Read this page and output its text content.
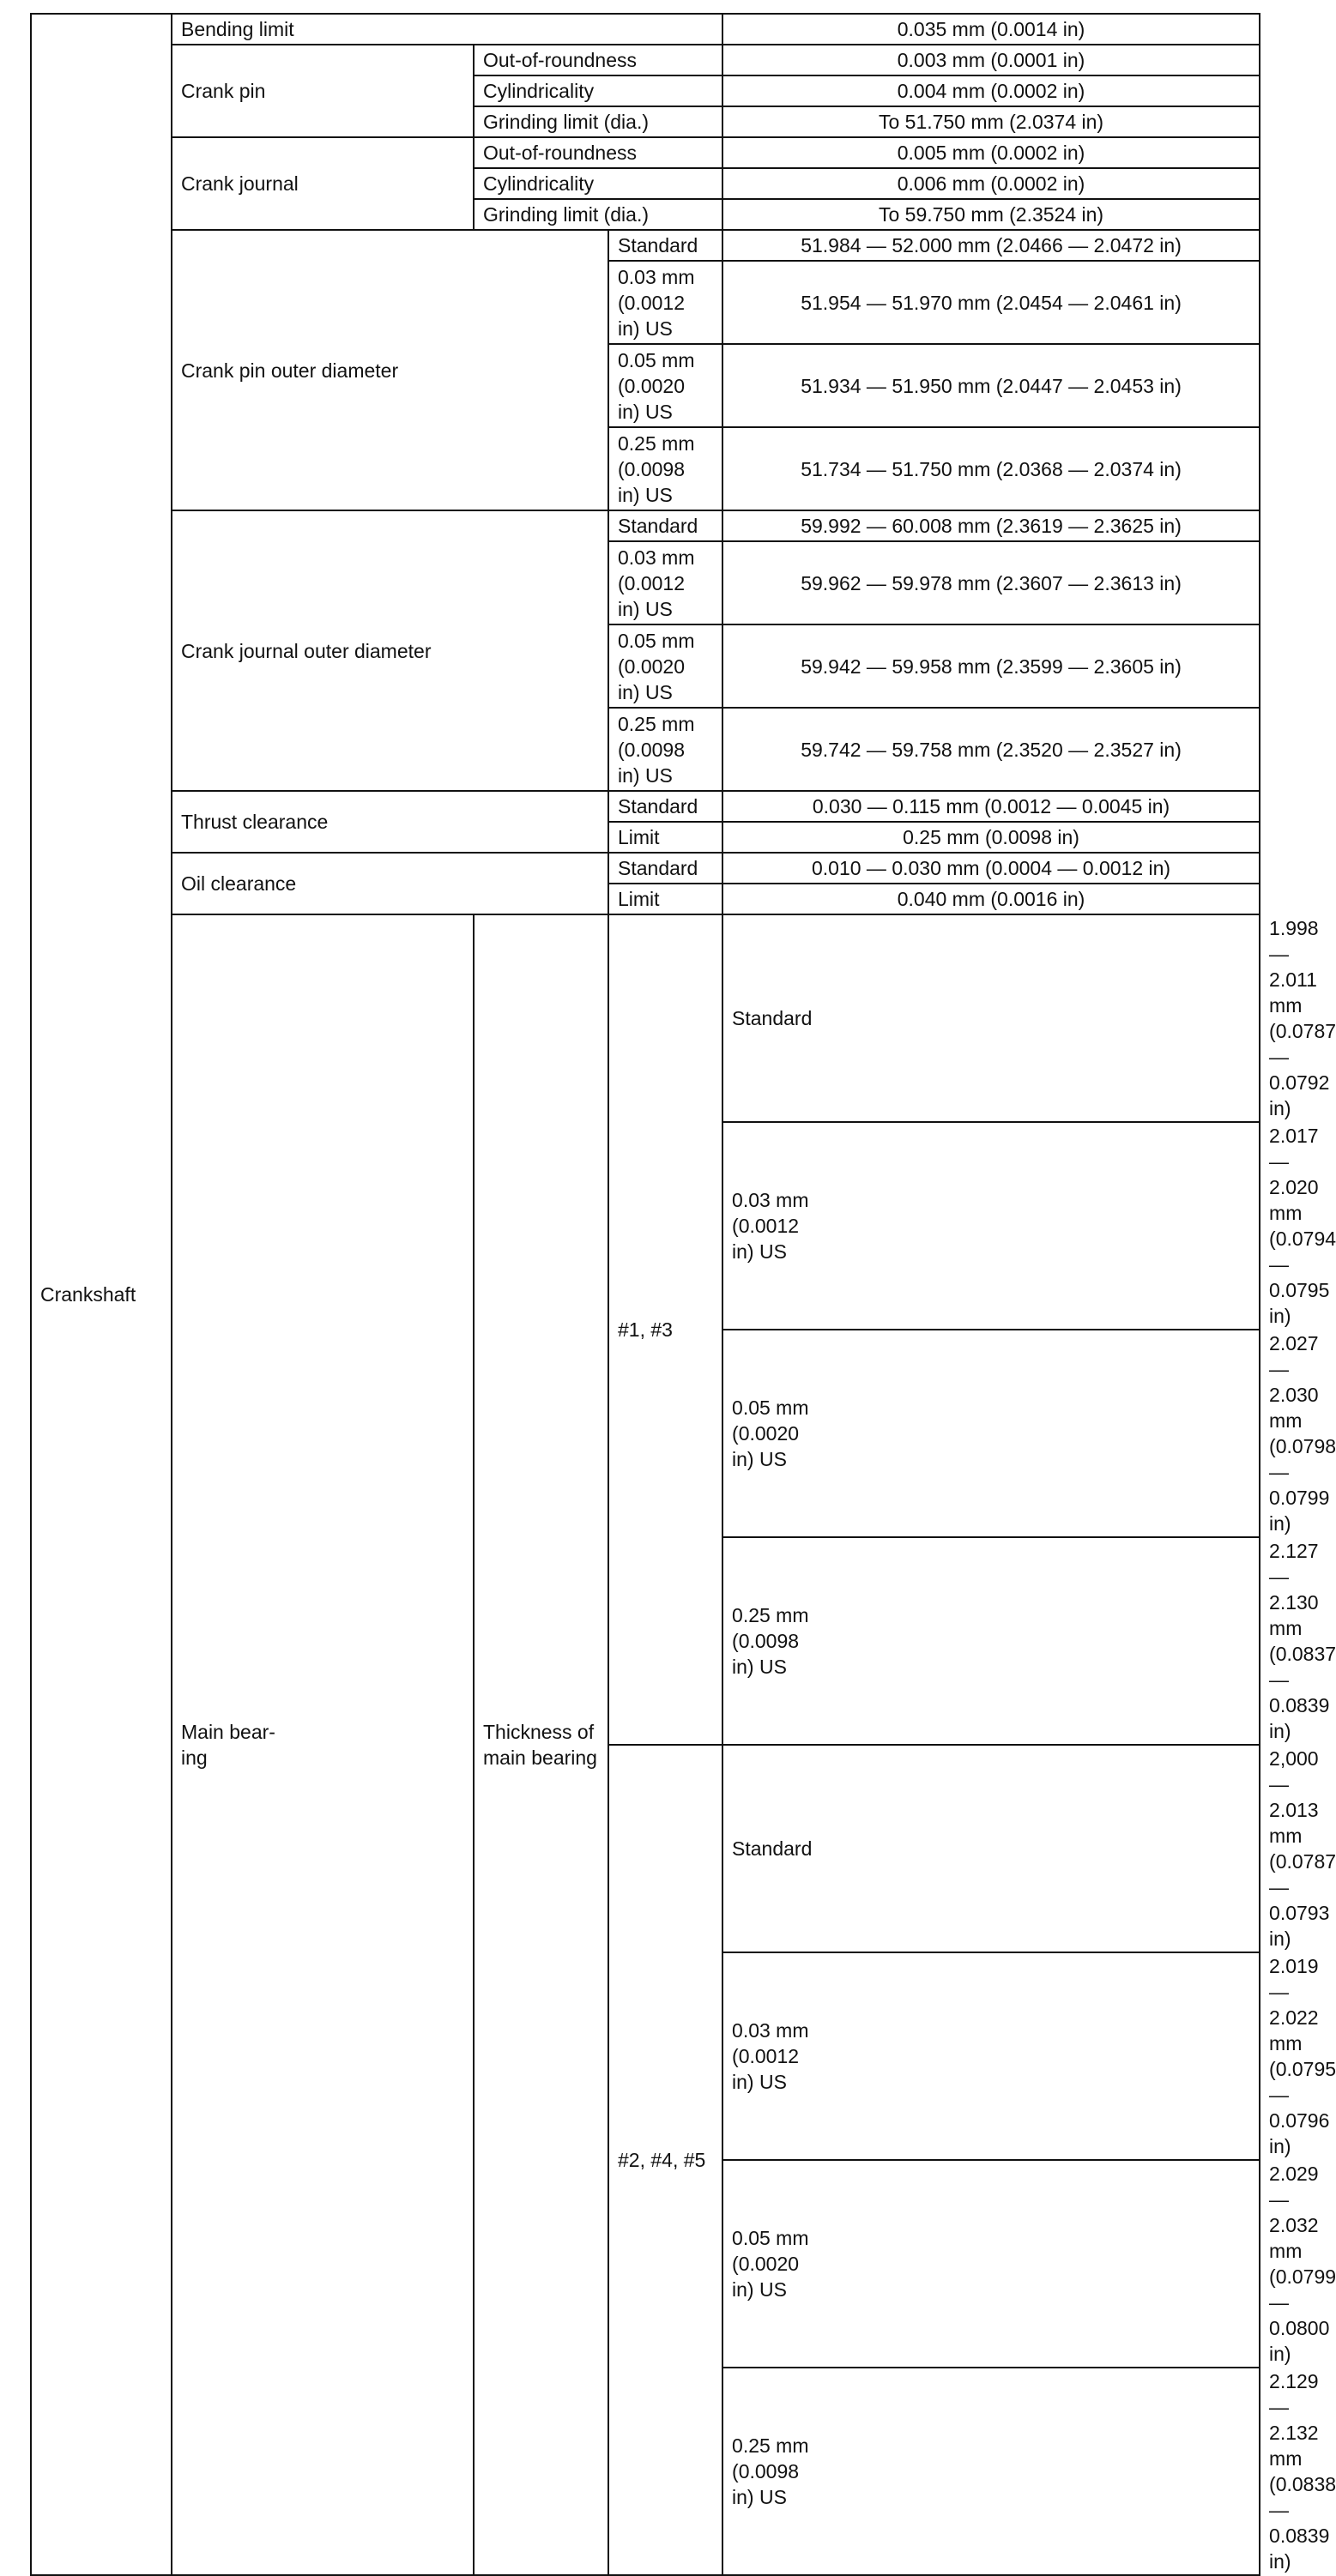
Crankshaft	Bending limit			0.035 mm (0.0014 in)	
	Crank pin	Out-of-roundness		0.003 mm (0.0001 in)	
		Cylindricality		0.004 mm (0.0002 in)	
		Grinding limit (dia.)		To 51.750 mm (2.0374 in)	
	Crank journal	Out-of-roundness		0.005 mm (0.0002 in)	
		Cylindricality		0.006 mm (0.0002 in)	
		Grinding limit (dia.)		To 59.750 mm (2.3524 in)	
	Crank pin outer diameter		Standard	51.984 — 52.000 mm (2.0466 — 2.0472 in)	
			0.03 mm
(0.0012
in) US	51.954 — 51.970 mm (2.0454 — 2.0461 in)	
			0.05 mm
(0.0020
in) US	51.934 — 51.950 mm (2.0447 — 2.0453 in)	
			0.25 mm
(0.0098
in) US	51.734 — 51.750 mm (2.0368 — 2.0374 in)	
	Crank journal outer diameter		Standard	59.992 — 60.008 mm (2.3619 — 2.3625 in)	
			0.03 mm
(0.0012
in) US	59.962 — 59.978 mm (2.3607 — 2.3613 in)	
			0.05 mm
(0.0020
in) US	59.942 — 59.958 mm (2.3599 — 2.3605 in)	
			0.25 mm
(0.0098
in) US	59.742 — 59.758 mm (2.3520 — 2.3527 in)	
	Thrust clearance		Standard	0.030 — 0.115 mm (0.0012 — 0.0045 in)	
			Limit	0.25 mm (0.0098 in)	
	Oil clearance		Standard	0.010 — 0.030 mm (0.0004 — 0.0012 in)	
			Limit	0.040 mm (0.0016 in)	
	Main bear-
ing	Thickness of main bearing	#1, #3	Standard	1.998 — 2.011 mm (0.0787 — 0.0792 in)
				0.03 mm
(0.0012
in) US	2.017 — 2.020 mm (0.0794 — 0.0795 in)
				0.05 mm
(0.0020
in) US	2.027 — 2.030 mm (0.0798 — 0.0799 in)
				0.25 mm
(0.0098
in) US	2.127 — 2.130 mm (0.0837 — 0.0839 in)
			#2, #4, #5	Standard	2,000 — 2.013 mm (0.0787 — 0.0793 in)
				0.03 mm
(0.0012
in) US	2.019 — 2.022 mm (0.0795 — 0.0796 in)
				0.05 mm
(0.0020
in) US	2.029 — 2.032 mm (0.0799 — 0.0800 in)
				0.25 mm
(0.0098
in) US	2.129 — 2.132 mm (0.0838 — 0.0839 in)
